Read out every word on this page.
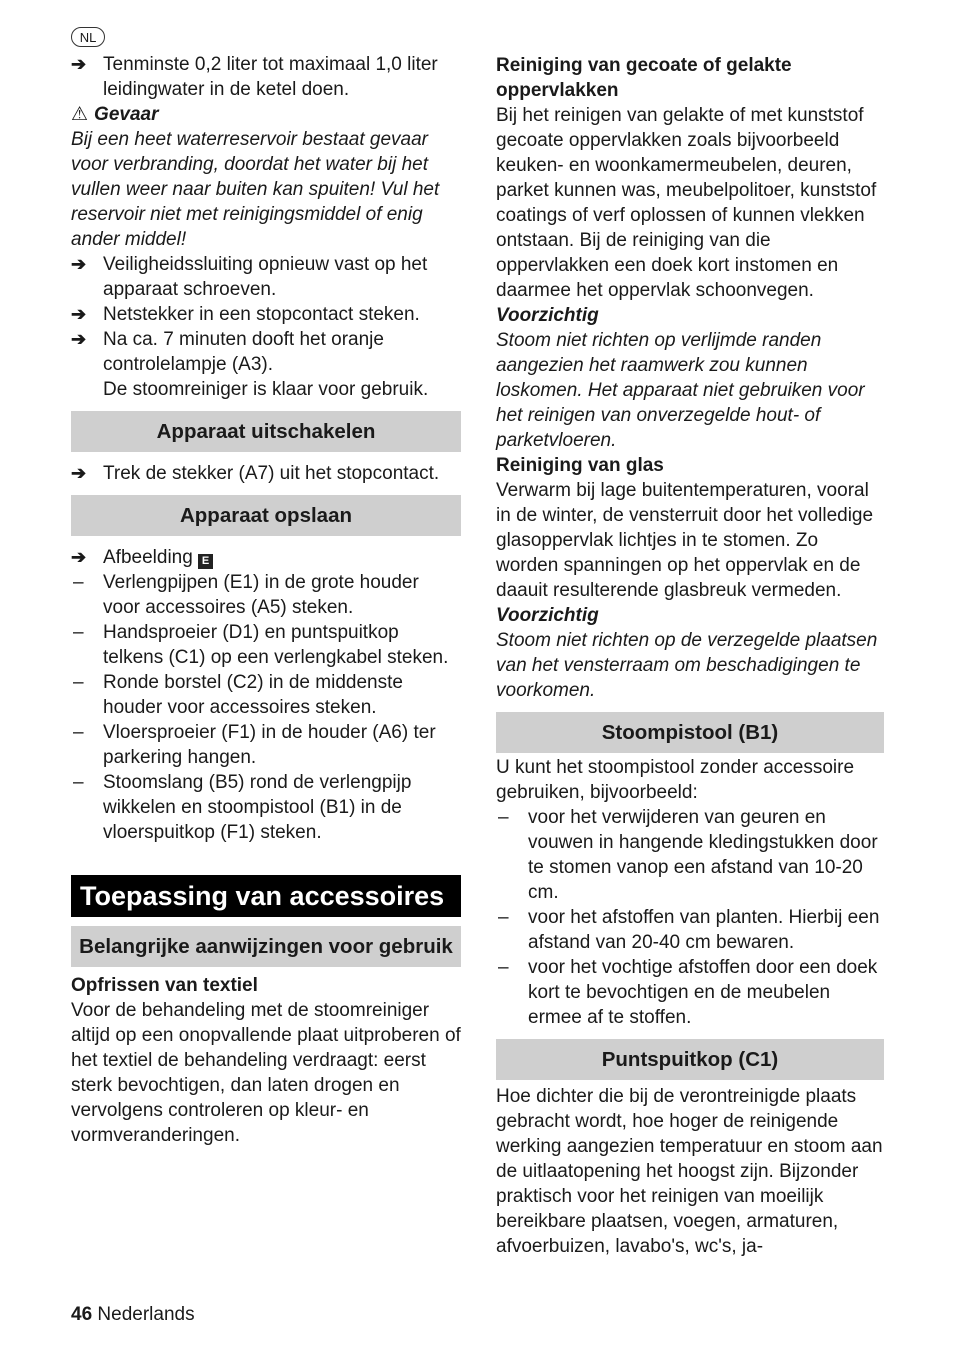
NL
➔ Tenminste 0,2 liter tot maximaal 1,0 liter leidingwater in de ketel doen.
⚠ Gevaar
Bij een heet waterreservoir bestaat gevaar voor verbranding, doordat het water bij het vullen weer naar buiten kan spuiten! Vul het reservoir niet met reinigingsmiddel of enig ander middel!
➔ Veiligheidssluiting opnieuw vast op het apparaat schroeven.
➔ Netstekker in een stopcontact steken.
➔ Na ca. 7 minuten dooft het oranje controlelampje (A3).
De stoomreiniger is klaar voor gebruik.
Apparaat uitschakelen
➔ Trek de stekker (A7) uit het stopcontact.
Apparaat opslaan
➔ Afbeelding E
–	Verlengpijpen (E1) in de grote houder voor accessoires (A5) steken.
–	Handsproeier (D1) en puntspuitkop telkens (C1) op een verlengkabel steken.
–	Ronde borstel (C2) in de middenste houder voor accessoires steken.
–	Vloersproeier (F1) in de houder (A6) ter parkering hangen.
–	Stoomslang (B5) rond de verlengpijp wikkelen en stoompistool (B1) in de vloerspuitkop (F1) steken.
Toepassing van accessoires
Belangrijke aanwijzingen voor gebruik
Opfrissen van textiel
Voor de behandeling met de stoomreiniger altijd op een onopvallende plaat uitproberen of het textiel de behandeling verdraagt: eerst sterk bevochtigen, dan laten drogen en vervolgens controleren op kleur- en vormveranderingen.
Reiniging van gecoate of gelakte oppervlakken
Bij het reinigen van gelakte of met kunststof gecoate oppervlakken zoals bijvoorbeeld keuken- en woonkamermeubelen, deuren, parket kunnen was, meubelpolitoer, kunststof coatings of verf oplossen of kunnen vlekken ontstaan. Bij de reiniging van die oppervlakken een doek kort instomen en daarmee het oppervlak schoonvegen.
Voorzichtig
Stoom niet richten op verlijmde randen aangezien het raamwerk zou kunnen loskomen. Het apparaat niet gebruiken voor het reinigen van onverzegelde hout- of parketvloeren.
Reiniging van glas
Verwarm bij lage buitentemperaturen, vooral in de winter, de vensterruit door het volledige glasoppervlak lichtjes in te stomen. Zo worden spanningen op het oppervlak en de daauit resulterende glasbreuk vermeden.
Voorzichtig
Stoom niet richten op de verzegelde plaatsen van het vensterraam om beschadigingen te voorkomen.
Stoompistool (B1)
U kunt het stoompistool zonder accessoire gebruiken, bijvoorbeeld:
–	voor het verwijderen van geuren en vouwen in hangende kledingstukken door te stomen vanop een afstand van 10-20 cm.
–	voor het afstoffen van planten. Hierbij een afstand van 20-40 cm bewaren.
–	voor het vochtige afstoffen door een doek kort te bevochtigen en de meubelen ermee af te stoffen.
Puntspuitkop (C1)
Hoe dichter die bij de verontreinigde plaats gebracht wordt, hoe hoger de reinigende werking aangezien temperatuur en stoom aan de uitlaatopening het hoogst zijn. Bijzonder praktisch voor het reinigen van moeilijk bereikbare plaatsen, voegen, armaturen, afvoerbuizen, lavabo's, wc's, ja-
46 Nederlands
